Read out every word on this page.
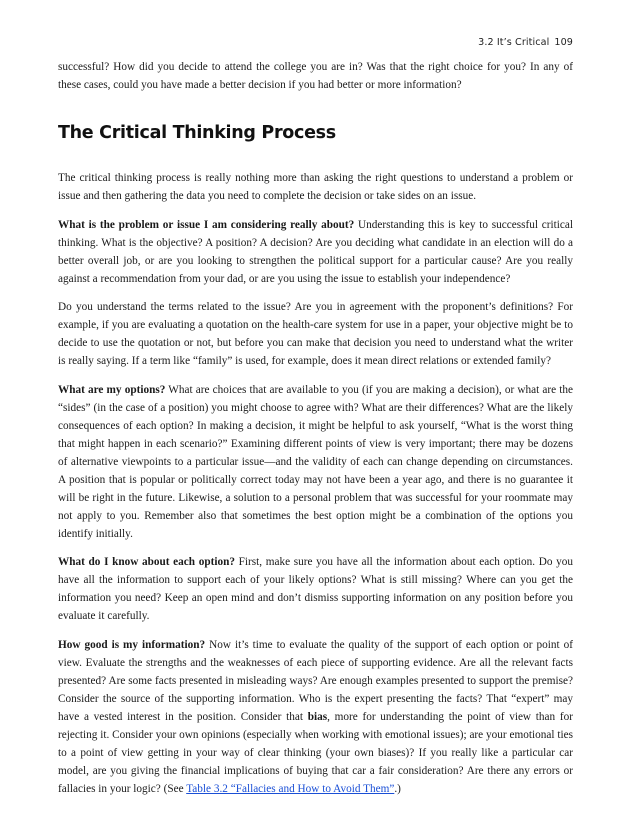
3.2 It’s Critical 109

successful? How did you decide to attend the college you are in? Was that the right choice for you? In any of these cases, could you have made a better decision if you had better or more information?

The Critical Thinking Process

The critical thinking process is really nothing more than asking the right questions to understand a problem or issue and then gathering the data you need to complete the decision or take sides on an issue.

What is the problem or issue I am considering really about? Understanding this is key to successful critical thinking. What is the objective? A position? A decision? Are you deciding what candidate in an election will do a better overall job, or are you looking to strengthen the political support for a particular cause? Are you really against a recommendation from your dad, or are you using the issue to establish your independence?

Do you understand the terms related to the issue? Are you in agreement with the proponent’s definitions? For example, if you are evaluating a quotation on the health-care system for use in a paper, your objective might be to decide to use the quotation or not, but before you can make that decision you need to understand what the writer is really saying. If a term like “family” is used, for example, does it mean direct relations or extended family?

What are my options? What are choices that are available to you (if you are making a decision), or what are the “sides” (in the case of a position) you might choose to agree with? What are their differences? What are the likely consequences of each option? In making a decision, it might be helpful to ask yourself, “What is the worst thing that might happen in each scenario?” Examining different points of view is very important; there may be dozens of alternative viewpoints to a particular issue—and the validity of each can change depending on circumstances. A position that is popular or politically correct today may not have been a year ago, and there is no guarantee it will be right in the future. Likewise, a solution to a personal problem that was successful for your roommate may not apply to you. Remember also that sometimes the best option might be a combination of the options you identify initially.

What do I know about each option? First, make sure you have all the information about each option. Do you have all the information to support each of your likely options? What is still missing? Where can you get the information you need? Keep an open mind and don’t dismiss supporting information on any position before you evaluate it carefully.

How good is my information? Now it’s time to evaluate the quality of the support of each option or point of view. Evaluate the strengths and the weaknesses of each piece of supporting evidence. Are all the relevant facts presented? Are some facts presented in misleading ways? Are enough examples presented to support the premise? Consider the source of the supporting information. Who is the expert presenting the facts? That “expert” may have a vested interest in the position. Consider that bias, more for understanding the point of view than for rejecting it. Consider your own opinions (especially when working with emotional issues); are your emotional ties to a point of view getting in your way of clear thinking (your own biases)? If you really like a particular car model, are you giving the financial implications of buying that car a fair consideration? Are there any errors or fallacies in your logic? (See Table 3.2 “Fallacies and How to Avoid Them”.)
